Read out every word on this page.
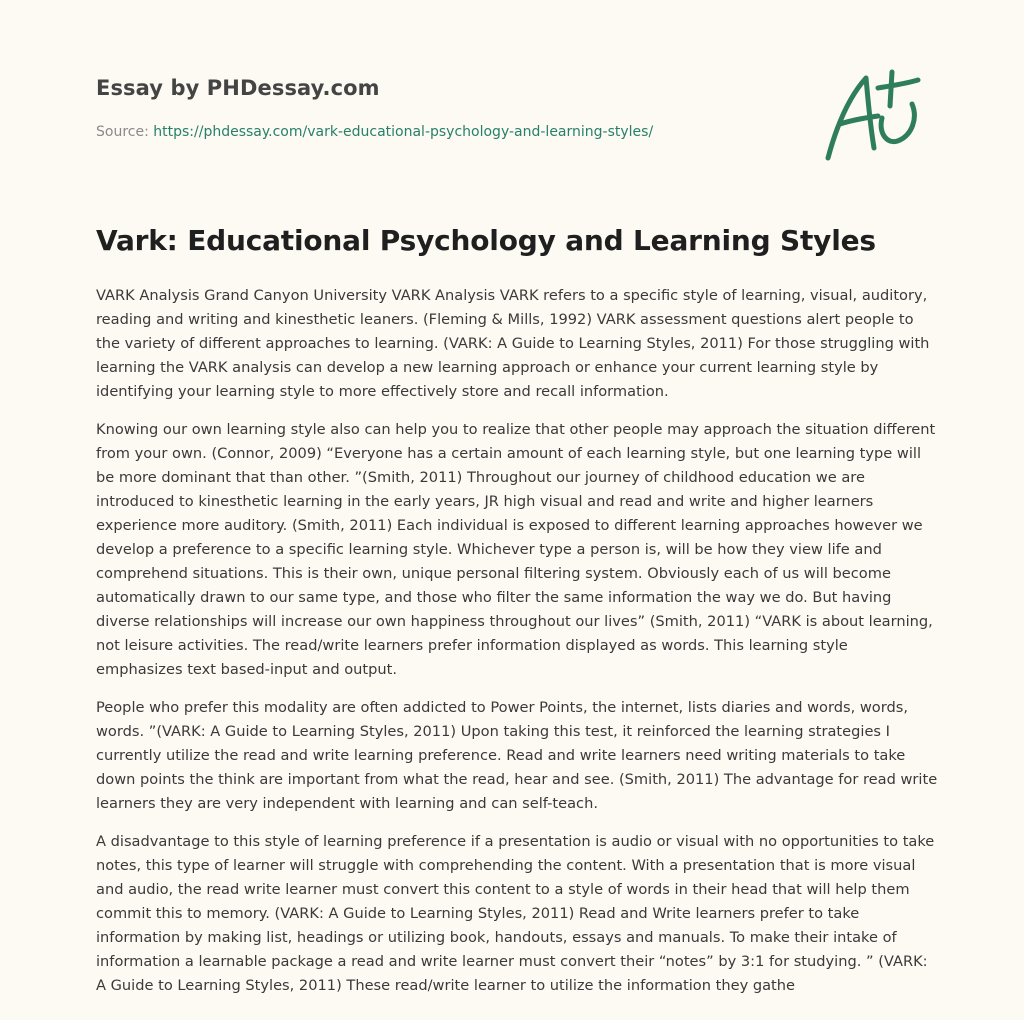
Essay by PHDessay.com

Source: https://phdessay.com/vark-educational-psychology-and-learning-styles/

Vark: Educational Psychology and Learning Styles

VARK Analysis Grand Canyon University VARK Analysis VARK refers to a specific style of learning, visual, auditory, reading and writing and kinesthetic leaners. (Fleming & Mills, 1992) VARK assessment questions alert people to the variety of different approaches to learning. (VARK: A Guide to Learning Styles, 2011) For those struggling with learning the VARK analysis can develop a new learning approach or enhance your current learning style by identifying your learning style to more effectively store and recall information.

Knowing our own learning style also can help you to realize that other people may approach the situation different from your own. (Connor, 2009) “Everyone has a certain amount of each learning style, but one learning type will be more dominant that than other. ”(Smith, 2011) Throughout our journey of childhood education we are introduced to kinesthetic learning in the early years, JR high visual and read and write and higher learners experience more auditory. (Smith, 2011) Each individual is exposed to different learning approaches however we develop a preference to a specific learning style. Whichever type a person is, will be how they view life and comprehend situations. This is their own, unique personal filtering system. Obviously each of us will become automatically drawn to our same type, and those who filter the same information the way we do. But having diverse relationships will increase our own happiness throughout our lives” (Smith, 2011) “VARK is about learning, not leisure activities. The read/write learners prefer information displayed as words. This learning style emphasizes text based-input and output.

People who prefer this modality are often addicted to Power Points, the internet, lists diaries and words, words, words. ”(VARK: A Guide to Learning Styles, 2011) Upon taking this test, it reinforced the learning strategies I currently utilize the read and write learning preference. Read and write learners need writing materials to take down points the think are important from what the read, hear and see. (Smith, 2011) The advantage for read write learners they are very independent with learning and can self-teach.

A disadvantage to this style of learning preference if a presentation is audio or visual with no opportunities to take notes, this type of learner will struggle with comprehending the content. With a presentation that is more visual and audio, the read write learner must convert this content to a style of words in their head that will help them commit this to memory. (VARK: A Guide to Learning Styles, 2011) Read and Write learners prefer to take information by making list, headings or utilizing book, handouts, essays and manuals. To make their intake of information a learnable package a read and write learner must convert their “notes” by 3:1 for studying. ” (VARK: A Guide to Learning Styles, 2011) These read/write learner to utilize the information they gathe
